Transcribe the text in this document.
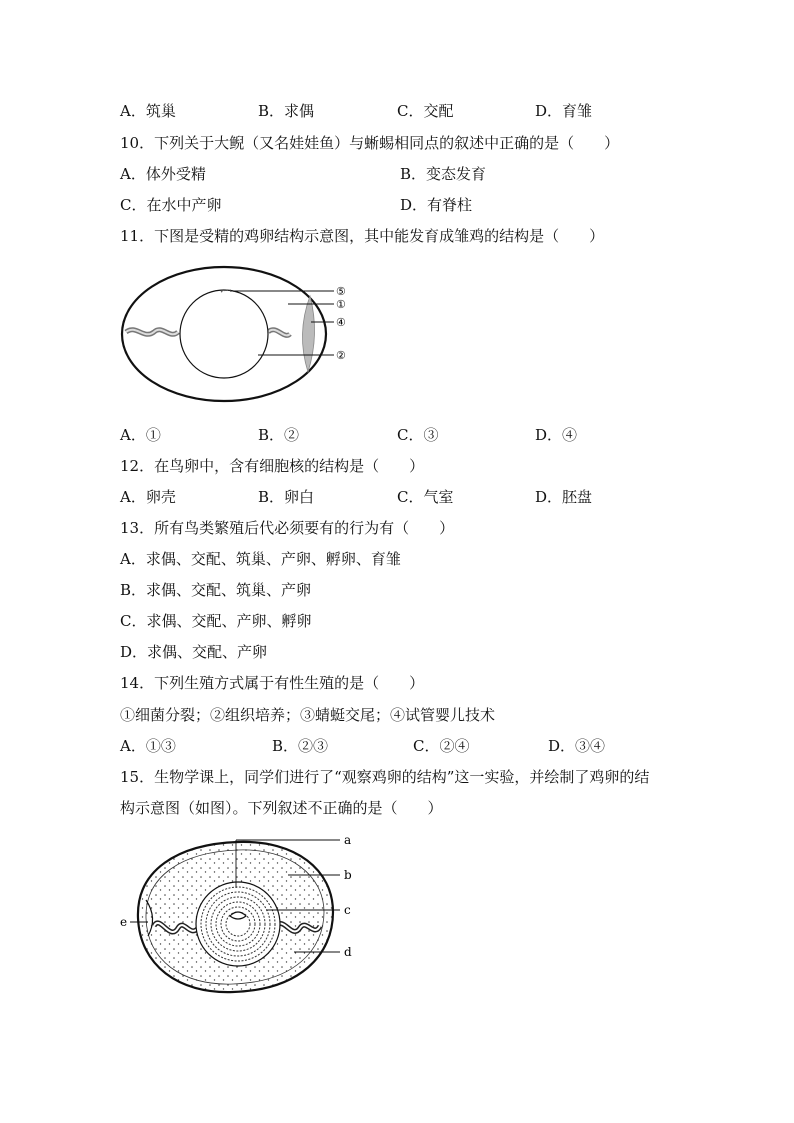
A．筑巢	B．求偶	C．交配	D．育雏
10．下列关于大鲵（又名娃娃鱼）与蜥蜴相同点的叙述中正确的是（　　）
A．体外受精	B．变态发育
C．在水中产卵	D．有脊柱
11．下图是受精的鸡卵结构示意图，其中能发育成雏鸡的结构是（　　）
⑤
①
④
②
A．①	B．②	C．③	D．④
12．在鸟卵中，含有细胞核的结构是（　　）
A．卵壳	B．卵白	C．气室	D．胚盘
13．所有鸟类繁殖后代必须要有的行为有（　　）
A．求偶、交配、筑巢、产卵、孵卵、育雏
B．求偶、交配、筑巢、产卵
C．求偶、交配、产卵、孵卵
D．求偶、交配、产卵
14．下列生殖方式属于有性生殖的是（　　）
①细菌分裂；②组织培养；③蜻蜓交尾；④试管婴儿技术
A．①③	B．②③	C．②④	D．③④
15．生物学课上，同学们进行了“观察鸡卵的结构”这一实验，并绘制了鸡卵的结
构示意图（如图）。下列叙述不正确的是（　　）
a
b
c
d
e
